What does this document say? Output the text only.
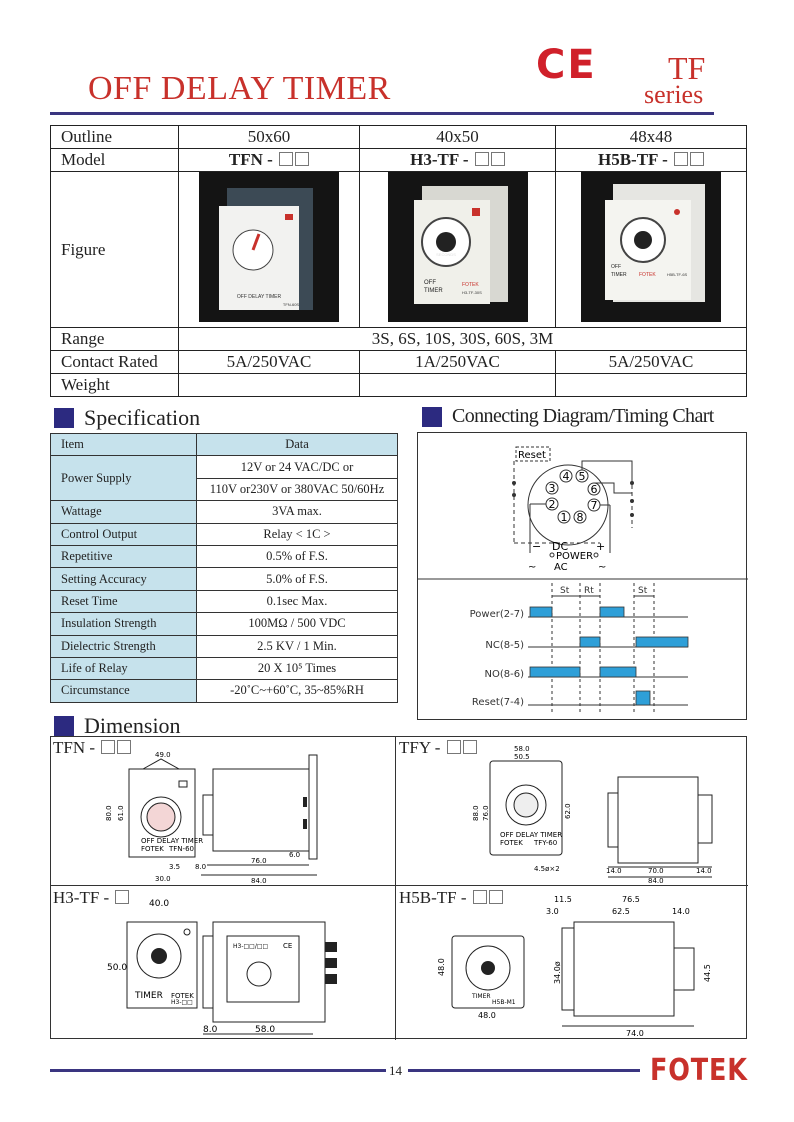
OFF DELAY TIMER
CE TF
series
Outline	50x60	40x50	48x48
Model	TFN -	H3-TF -	H5B-TF -
Figure	OFF DELAY TIMER
TFN-60S	SECONDS
OFF
TIMER
FOTEK
H3-TF-30S	OFF
TIMER FOTEK H5B-TF-6S

Range	3S, 6S, 10S, 30S, 60S, 3M		
Contact Rated	5A/250VAC	1A/250VAC	5A/250VAC
Weight			
Specification
Item	Data
Power Supply	12V or 24 VAC/DC or
	110V or230V or 380VAC 50/60Hz
Wattage	3VA max.
Control Output	Relay < 1C >
Repetitive	0.5% of F.S.
Setting Accuracy	5.0% of F.S.
Reset Time	0.1sec Max.
Insulation Strength	100MΩ / 500 VDC
Dielectric Strength	2.5 KV / 1 Min.
Life of Relay	20 X 10⁵ Times
Circumstance	-20˚C~+60˚C, 35~85%RH
Connecting Diagram/Timing Chart
Reset
3
4 5
6
7
8
1
2
− DC	+
POWER
~ AC	~
Power(2-7)
NC(8-5)
NO(8-6)
Reset(7-4)
St Rt	St
Dimension
TFN -
OFF DELAY TIMER
FOTEK TFN-60
49.0
80.0 61.0
30.0
3.5 8.0
76.0
6.0
84.0
TFY -
OFF DELAY TIMER
FOTEK TFY-60
58.0
50.5
88.0 76.0	62.0
4.5ø×2	14.0	70.0	14.0
84.0
H3-TF -
TIMER FOTEK
H3-□□
40.0
50.0
H3-□□/□□ CE
8.0	58.0
H5B-TF -
TIMER
H5B-M1
48.0
48.0
11.5	76.5
3.0	62.5	14.0
34.0ø	44.5
74.0
14	FOTEK
